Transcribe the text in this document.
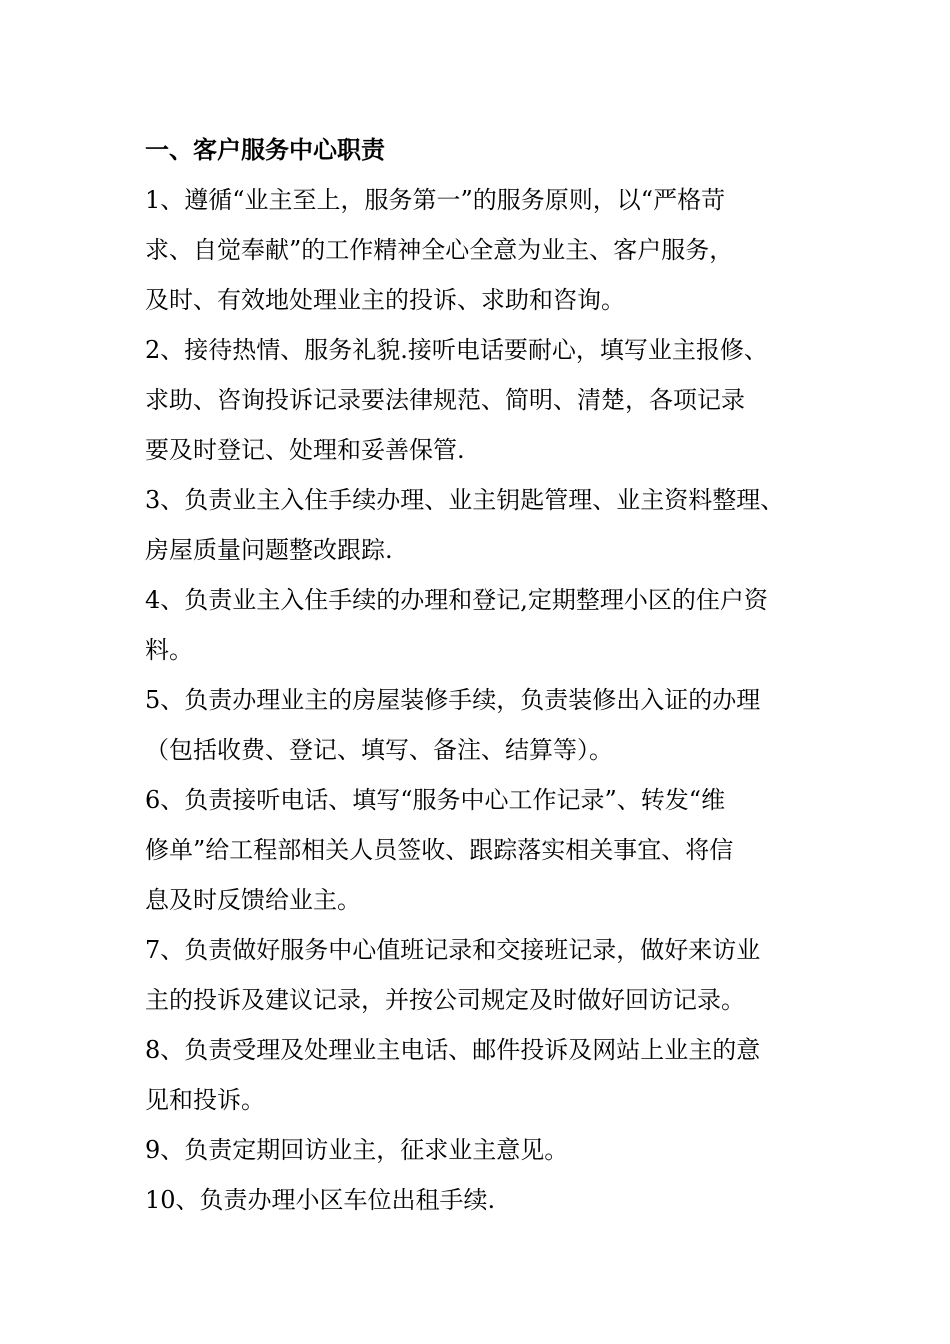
一、客户服务中心职责
1、遵循“业主至上，服务第一”的服务原则，以“严格苛
求、自觉奉献”的工作精神全心全意为业主、客户服务，
及时、有效地处理业主的投诉、求助和咨询。
2、接待热情、服务礼貌.接听电话要耐心，填写业主报修、
求助、咨询投诉记录要法律规范、简明、清楚，各项记录
要及时登记、处理和妥善保管.
3、负责业主入住手续办理、业主钥匙管理、业主资料整理、
房屋质量问题整改跟踪.
4、负责业主入住手续的办理和登记,定期整理小区的住户资
料。
5、负责办理业主的房屋装修手续，负责装修出入证的办理
（包括收费、登记、填写、备注、结算等）。
6、负责接听电话、填写“服务中心工作记录”、转发“维
修单”给工程部相关人员签收、跟踪落实相关事宜、将信
息及时反馈给业主。
7、负责做好服务中心值班记录和交接班记录，做好来访业
主的投诉及建议记录，并按公司规定及时做好回访记录。
8、负责受理及处理业主电话、邮件投诉及网站上业主的意
见和投诉。
9、负责定期回访业主，征求业主意见。
10、负责办理小区车位出租手续.
